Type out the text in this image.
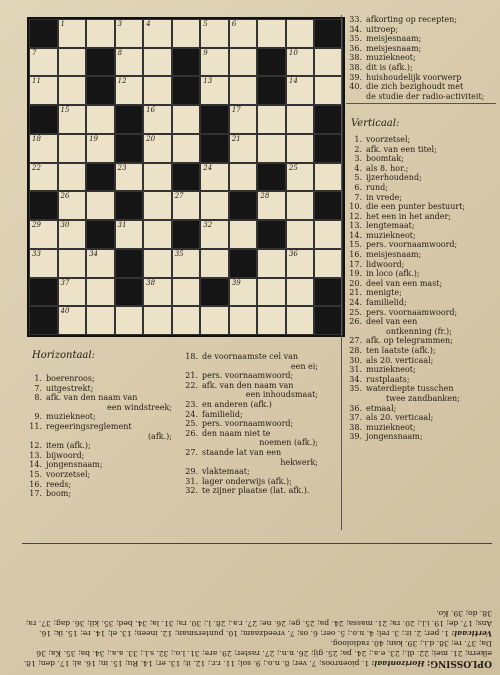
1	3	4	5	6
7	8	9	10
11	12	13	14
15	16	17
18	19	20	21
22	23	24	25
26	27	28
29	30	31	32
33	34	35	36
37	38	39
40
33. afkorting op recepten;
34. uitroep;
35. meisjesnaam;
36. meisjesnaam;
38. muziekneot;
38. dit is (afk.);
39. huishoudelijk voorwerp
40. die zich bezighoudt met
de studie der radio-activiteit;
Verticaal:
1. voorzetsel;
2. afk. van een titel;
3. boomtak;
4. als 8. hor.;
5. ijzerhoudend;
6. rund;
7. in vrede;
10. die een punter bestuurt;
12. het een in het ander;
13. lengtemaat;
14. muziekneot;
15. pers. voornaamwoord;
16. meisjesnaam;
17. lidwoord;
19. in loco (afk.);
20. deel van een mast;
21. menigte;
24. familielid;
25. pers. voornaamwoord;
26. deel van een
ontkenning (fr.);
27. afk. op telegrammen;
28. ten laatste (afk.);
30. als 20. verticaal;
31. muziekneot;
34. rustplaats;
35. waterdiepte tusschen
twee zandbanken;
36. etmaal;
37. als 20. verticaal;
38. muziekneot;
39. jongensnaam;
Horizontaal:
1. boerenroos;
7. uitgestrekt;
8. afk. van den naam van
een windstreek;
9. muziekneot;
11. regeeringsreglement
(afk.);
12. item (afk.);
13. bijwoord;
14. jongensnaam;
15. voorzetsel;
16. reeds;
17. boom;
18. de voornaamste cel van
een ei;
21. pers. voornaamwoord;
22. afk. van den naam van
een inhoudsmaat;
23. en anderen (afk.)
24. familielid;
25. pers. voornaamwoord;
26. den naam niet te
noemen (afk.);
27. staande lat van een
hekwerk;
29. vlaktemaat;
31. lager onderwijs (afk.);
32. te zijner plaatse (lat. afk.).

OPLOSSING: Horizontaal: 1. pioenroos; 7. ver; 8. n.o.; 9. sol; 11. r.r.; 12. it; 13. er; 14. Ru; 15. in; 16. al; 17. den; 18. eikern; 21. mei; 22. dl.; 23. e.a.; 24. pa; 25. gij; 26. n.n.; 27. raster; 29. are; 31. l.o.; 32. s.l.; 33. a.a.; 34. ba; 35. Ka; 36 Da; 37. re; 38. d.i.; 39. kan; 40. radioloog.

Verticaal: 1. per; 2. ir.; 3. rel; 4. n.o.; 5. oer; 6. os; 7. vreedzaam; 10. puntersman; 12. ineen; 13. el; 14. re; 15. ik; 16. Ans; 17. de; 19. i.l.; 20. ra; 21. massa; 24. pa; 25. ge; 26. ne; 27. r.a.; 28. l.; 30. ra; 31. la; 34. bed; 35. kil; 36. dag; 37. ra; 38. do; 39. Ko.
